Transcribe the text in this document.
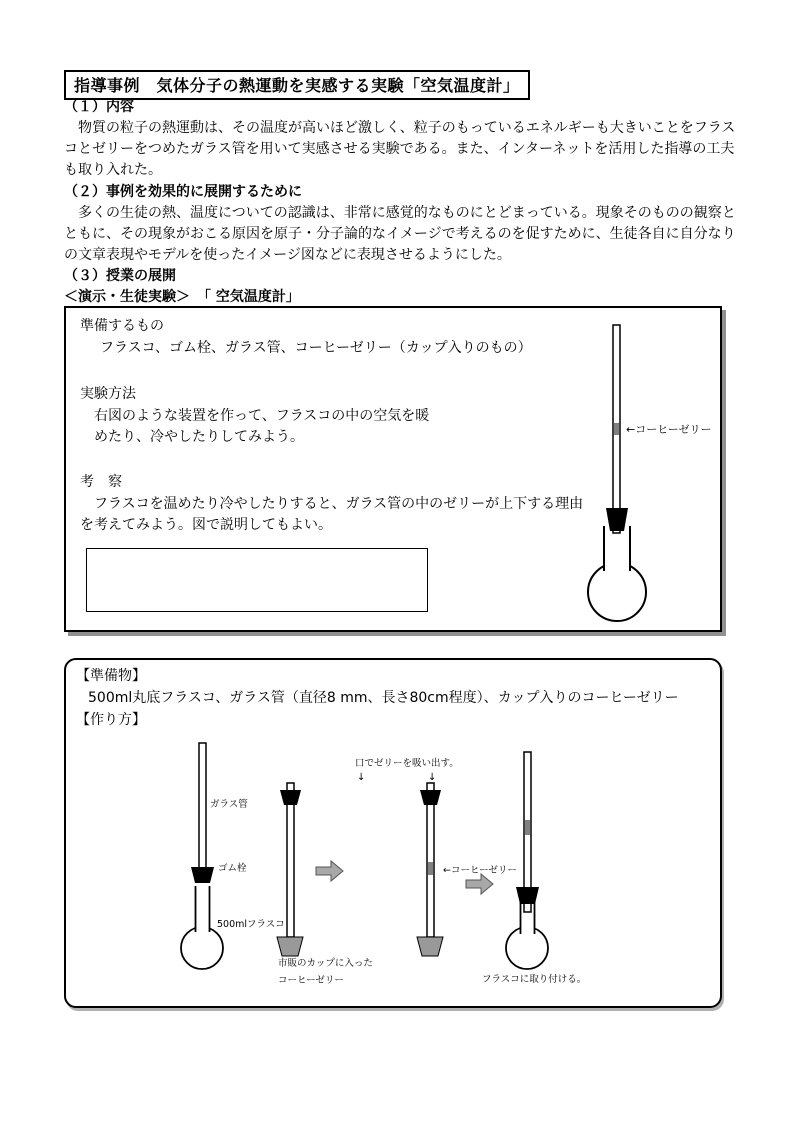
指導事例　気体分子の熱運動を実感する実験「空気温度計」
（１）内容
　物質の粒子の熱運動は、その温度が高いほど激しく、粒子のもっているエネルギーも大きいことをフラスコとゼリーをつめたガラス管を用いて実感させる実験である。また、インターネットを活用した指導の工夫も取り入れた。
（２）事例を効果的に展開するために
　多くの生徒の熱、温度についての認識は、非常に感覚的なものにとどまっている。現象そのものの観察とともに、その現象がおこる原因を原子・分子論的なイメージで考えるのを促すために、生徒各自に自分なりの文章表現やモデルを使ったイメージ図などに表現させるようにした。
（３）授業の展開
＜演示・生徒実験＞　「 空気温度計」
準備するもの
フラスコ、ゴム栓、ガラス管、コーヒーゼリー（カップ入りのもの）
実験方法
右図のような装置を作って、フラスコの中の空気を暖めたり、冷やしたりしてみよう。
考　察
　フラスコを温めたり冷やしたりすると、ガラス管の中のゼリーが上下する理由を考えてみよう。図で説明してもよい。
←コーヒーゼリー
【準備物】
500ml丸底フラスコ、ガラス管（直径8 mm、長さ80cm程度）、カップ入りのコーヒーゼリー
【作り方】
ガラス管
ゴム栓
500mlフラスコ
市販のカップに入った
コーヒーゼリー
口でゼリーを吸い出す。
↓	↓
←コーヒーゼリー
フラスコに取り付ける。
